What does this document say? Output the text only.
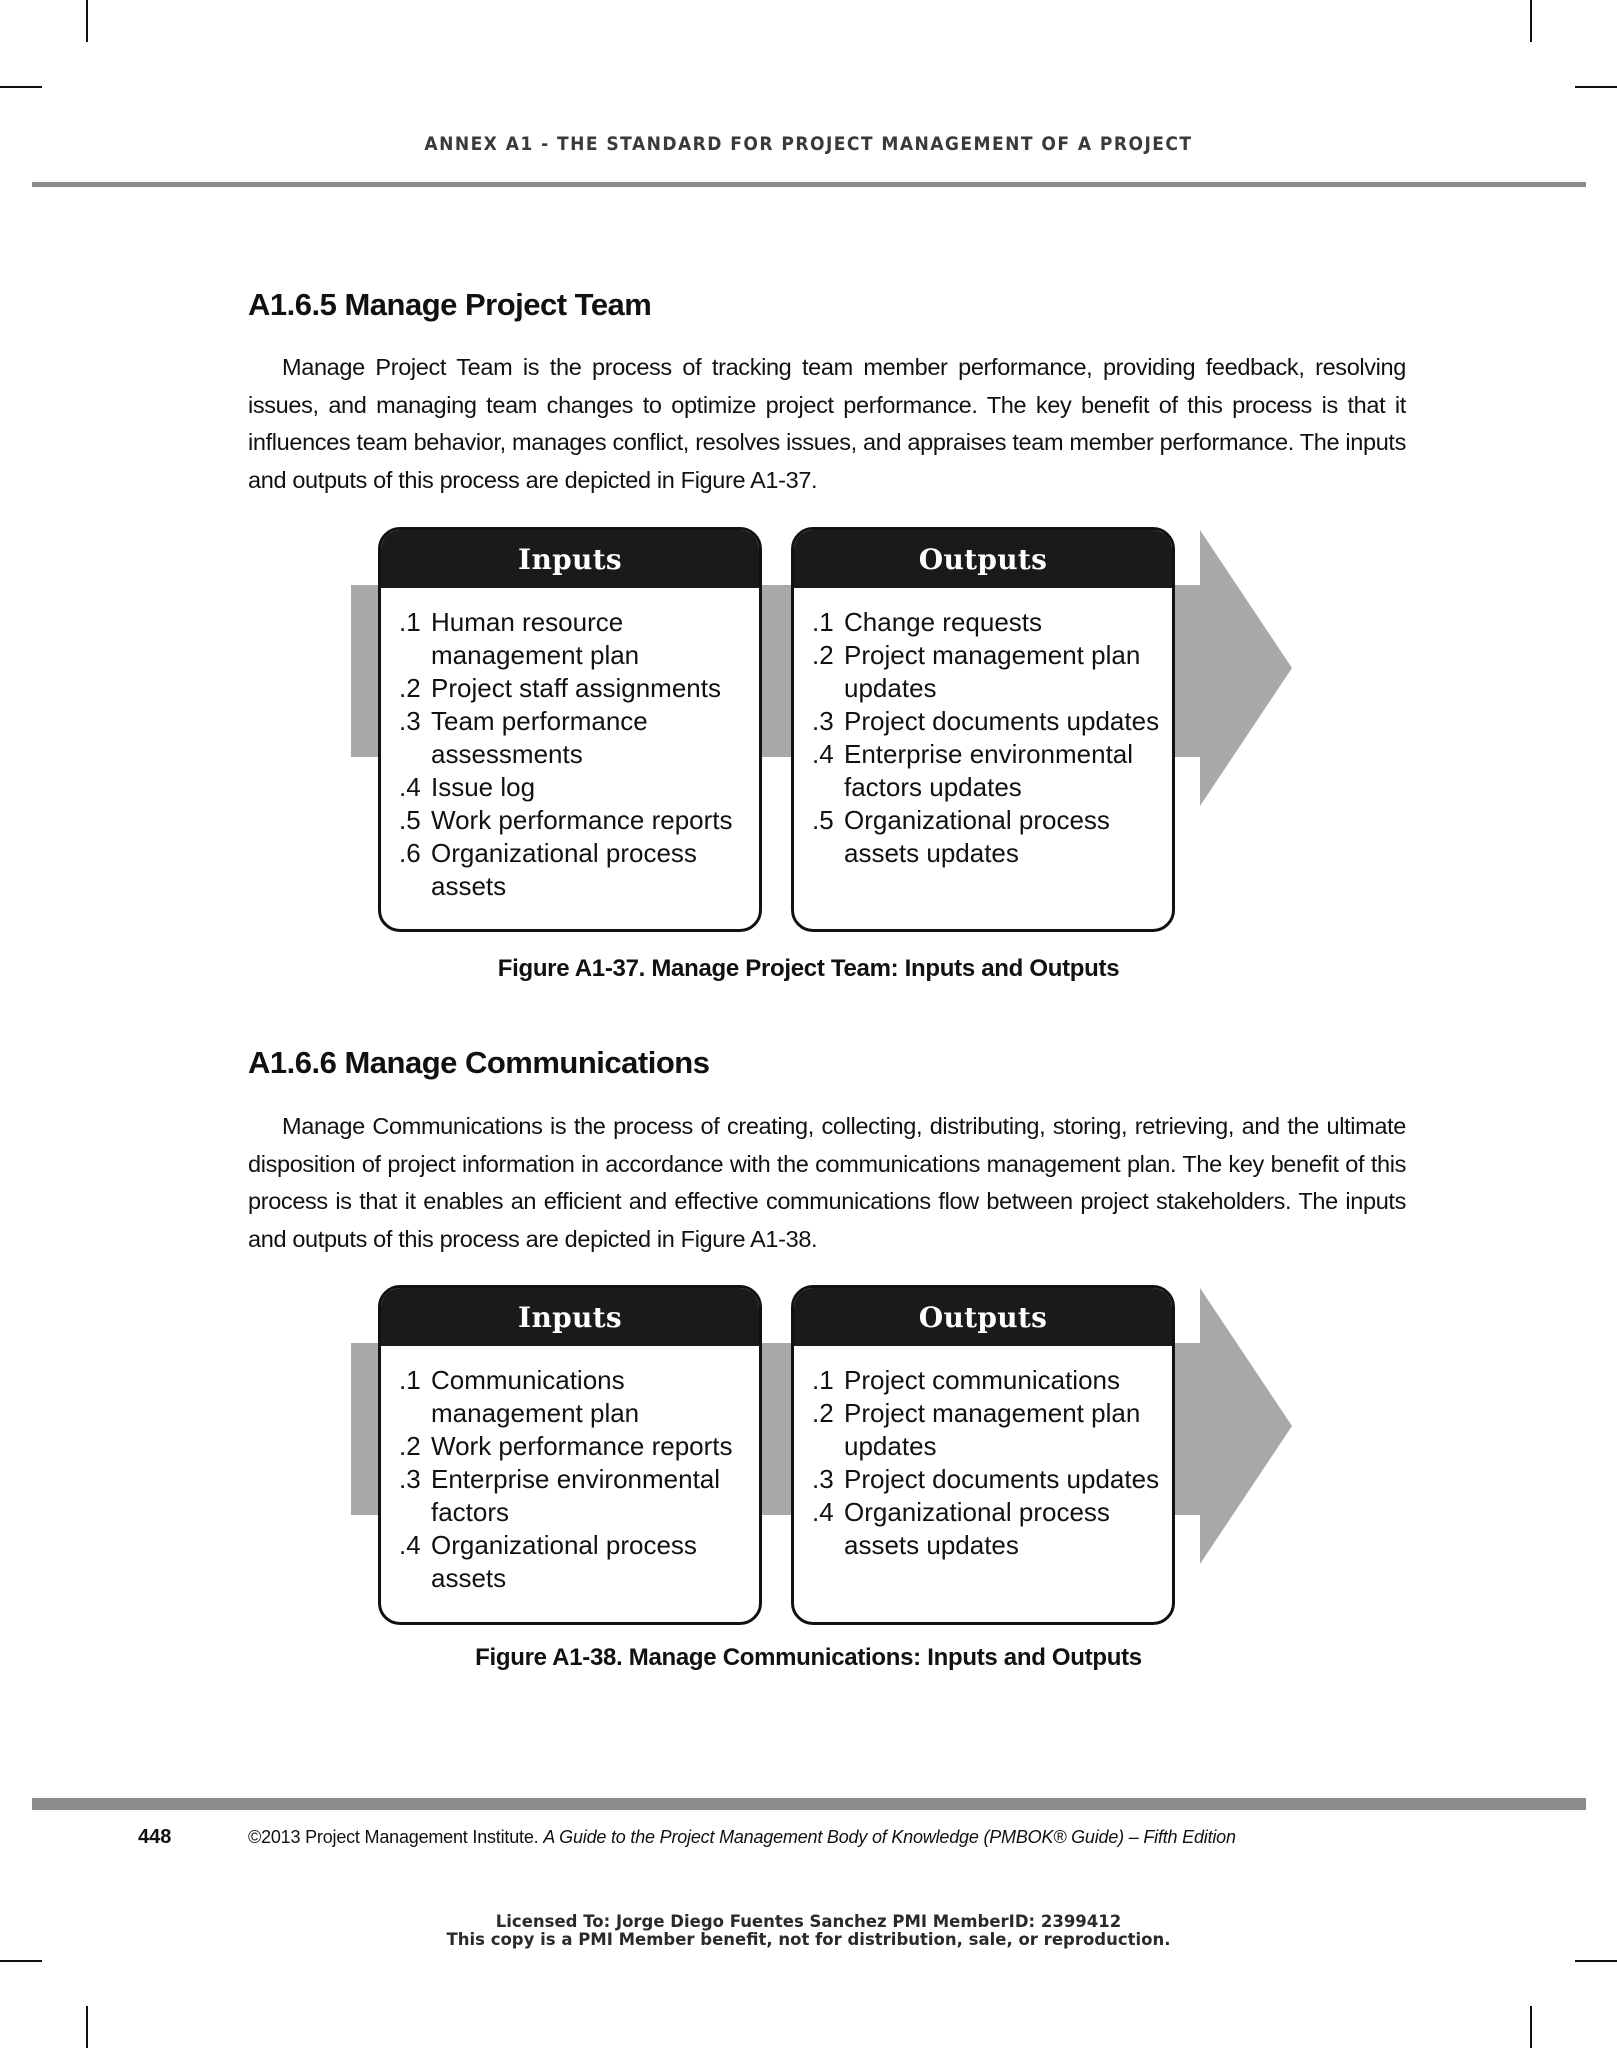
ANNEX A1 - THE STANDARD FOR PROJECT MANAGEMENT OF A PROJECT
A1.6.5 Manage Project Team
Manage Project Team is the process of tracking team member performance, providing feedback, resolving issues, and managing team changes to optimize project performance. The key benefit of this process is that it influences team behavior, manages conflict, resolves issues, and appraises team member performance. The inputs and outputs of this process are depicted in Figure A1-37.
Inputs
.1 Human resource management plan
.2 Project staff assignments
.3 Team performance assessments
.4 Issue log
.5 Work performance reports
.6 Organizational process assets
Outputs
.1 Change requests
.2 Project management plan updates
.3 Project documents updates
.4 Enterprise environmental factors updates
.5 Organizational process assets updates
Figure A1-37. Manage Project Team: Inputs and Outputs
A1.6.6 Manage Communications
Manage Communications is the process of creating, collecting, distributing, storing, retrieving, and the ultimate disposition of project information in accordance with the communications management plan. The key benefit of this process is that it enables an efficient and effective communications flow between project stakeholders. The inputs and outputs of this process are depicted in Figure A1-38.
Inputs
.1 Communications management plan
.2 Work performance reports
.3 Enterprise environmental factors
.4 Organizational process assets
Outputs
.1 Project communications
.2 Project management plan updates
.3 Project documents updates
.4 Organizational process assets updates
Figure A1-38. Manage Communications: Inputs and Outputs
448	©2013 Project Management Institute. A Guide to the Project Management Body of Knowledge (PMBOK® Guide) – Fifth Edition
Licensed To: Jorge Diego Fuentes Sanchez PMI MemberID: 2399412
This copy is a PMI Member benefit, not for distribution, sale, or reproduction.
